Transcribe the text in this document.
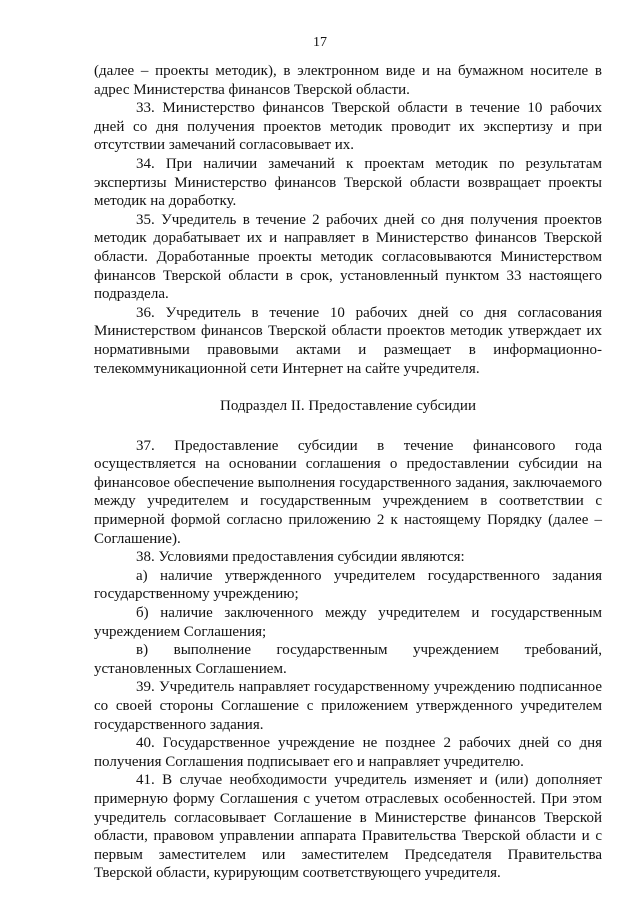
17

(далее – проекты методик), в электронном виде и на бумажном носителе в адрес Министерства финансов Тверской области.

33. Министерство финансов Тверской области в течение 10 рабочих дней со дня получения проектов методик проводит их экспертизу и при отсутствии замечаний согласовывает их.

34. При наличии замечаний к проектам методик по результатам экспертизы Министерство финансов Тверской области возвращает проекты методик на доработку.

35. Учредитель в течение 2 рабочих дней со дня получения проектов методик дорабатывает их и направляет в Министерство финансов Тверской области. Доработанные проекты методик согласовываются Министерством финансов Тверской области в срок, установленный пунктом 33 настоящего подраздела.

36. Учредитель в течение 10 рабочих дней со дня согласования Министерством финансов Тверской области проектов методик утверждает их нормативными правовыми актами и размещает в информационно-телекоммуникационной сети Интернет на сайте учредителя.

Подраздел II. Предоставление субсидии

37. Предоставление субсидии в течение финансового года осуществляется на основании соглашения о предоставлении субсидии на финансовое обеспечение выполнения государственного задания, заключаемого между учредителем и государственным учреждением в соответствии с примерной формой согласно приложению 2 к настоящему Порядку (далее – Соглашение).

38. Условиями предоставления субсидии являются:

а) наличие утвержденного учредителем государственного задания государственному учреждению;

б) наличие заключенного между учредителем и государственным учреждением Соглашения;

в) выполнение государственным учреждением требований, установленных Соглашением.

39. Учредитель направляет государственному учреждению подписанное со своей стороны Соглашение с приложением утвержденного учредителем государственного задания.

40. Государственное учреждение не позднее 2 рабочих дней со дня получения Соглашения подписывает его и направляет учредителю.

41. В случае необходимости учредитель изменяет и (или) дополняет примерную форму Соглашения с учетом отраслевых особенностей. При этом учредитель согласовывает Соглашение в Министерстве финансов Тверской области, правовом управлении аппарата Правительства Тверской области и с первым заместителем или заместителем Председателя Правительства Тверской области, курирующим соответствующего учредителя.
